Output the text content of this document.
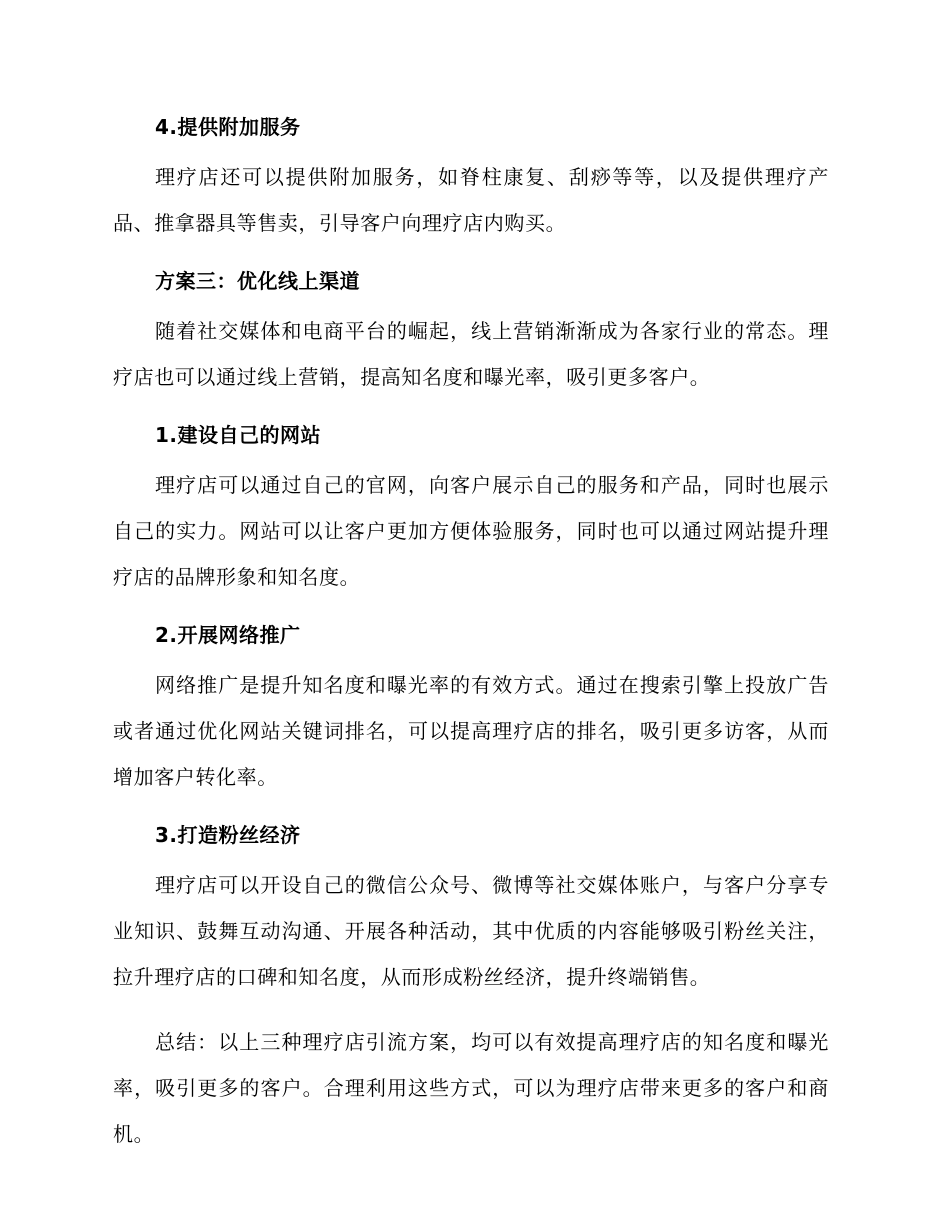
4.提供附加服务

理疗店还可以提供附加服务，如脊柱康复、刮痧等等，以及提供理疗产品、推拿器具等售卖，引导客户向理疗店内购买。

方案三：优化线上渠道

随着社交媒体和电商平台的崛起，线上营销渐渐成为各家行业的常态。理疗店也可以通过线上营销，提高知名度和曝光率，吸引更多客户。

1.建设自己的网站

理疗店可以通过自己的官网，向客户展示自己的服务和产品，同时也展示自己的实力。网站可以让客户更加方便体验服务，同时也可以通过网站提升理疗店的品牌形象和知名度。

2.开展网络推广

网络推广是提升知名度和曝光率的有效方式。通过在搜索引擎上投放广告或者通过优化网站关键词排名，可以提高理疗店的排名，吸引更多访客，从而增加客户转化率。

3.打造粉丝经济

理疗店可以开设自己的微信公众号、微博等社交媒体账户，与客户分享专业知识、鼓舞互动沟通、开展各种活动，其中优质的内容能够吸引粉丝关注，拉升理疗店的口碑和知名度，从而形成粉丝经济，提升终端销售。

总结：以上三种理疗店引流方案，均可以有效提高理疗店的知名度和曝光率，吸引更多的客户。合理利用这些方式，可以为理疗店带来更多的客户和商机。
